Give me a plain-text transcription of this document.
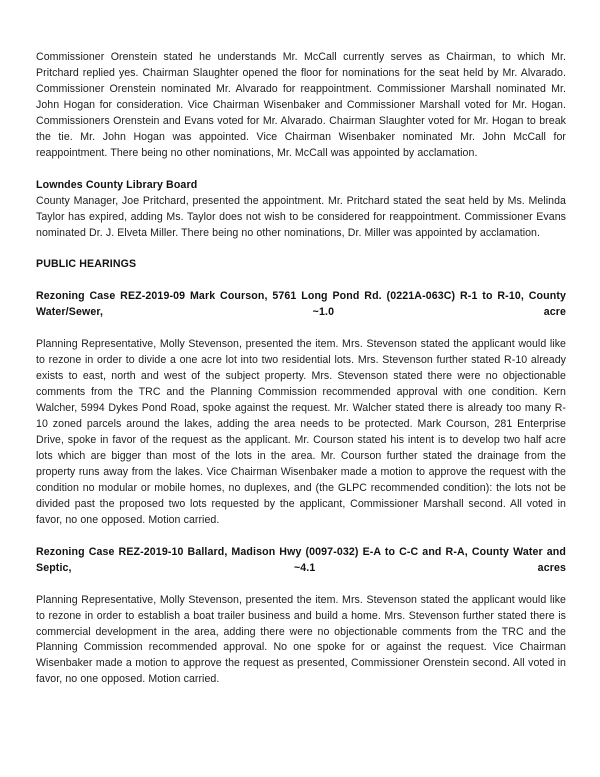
Commissioner Orenstein stated he understands Mr. McCall currently serves as Chairman, to which Mr. Pritchard replied yes. Chairman Slaughter opened the floor for nominations for the seat held by Mr. Alvarado. Commissioner Orenstein nominated Mr. Alvarado for reappointment. Commissioner Marshall nominated Mr. John Hogan for consideration. Vice Chairman Wisenbaker and Commissioner Marshall voted for Mr. Hogan. Commissioners Orenstein and Evans voted for Mr. Alvarado. Chairman Slaughter voted for Mr. Hogan to break the tie. Mr. John Hogan was appointed. Vice Chairman Wisenbaker nominated Mr. John McCall for reappointment. There being no other nominations, Mr. McCall was appointed by acclamation.

Lowndes County Library Board

County Manager, Joe Pritchard, presented the appointment. Mr. Pritchard stated the seat held by Ms. Melinda Taylor has expired, adding Ms. Taylor does not wish to be considered for reappointment. Commissioner Evans nominated Dr. J. Elveta Miller. There being no other nominations, Dr. Miller was appointed by acclamation.

PUBLIC HEARINGS
Rezoning Case REZ-2019-09 Mark Courson, 5761 Long Pond Rd. (0221A-063C) R-1 to R-10, County Water/Sewer, ~1.0 acre

Planning Representative, Molly Stevenson, presented the item. Mrs. Stevenson stated the applicant would like to rezone in order to divide a one acre lot into two residential lots. Mrs. Stevenson further stated R-10 already exists to east, north and west of the subject property. Mrs. Stevenson stated there were no objectionable comments from the TRC and the Planning Commission recommended approval with one condition. Kern Walcher, 5994 Dykes Pond Road, spoke against the request. Mr. Walcher stated there is already too many R-10 zoned parcels around the lakes, adding the area needs to be protected. Mark Courson, 281 Enterprise Drive, spoke in favor of the request as the applicant. Mr. Courson stated his intent is to develop two half acre lots which are bigger than most of the lots in the area. Mr. Courson further stated the drainage from the property runs away from the lakes. Vice Chairman Wisenbaker made a motion to approve the request with the condition no modular or mobile homes, no duplexes, and (the GLPC recommended condition): the lots not be divided past the proposed two lots requested by the applicant, Commissioner Marshall second. All voted in favor, no one opposed. Motion carried.

Rezoning Case REZ-2019-10 Ballard, Madison Hwy (0097-032) E-A to C-C and R-A, County Water and Septic, ~4.1 acres

Planning Representative, Molly Stevenson, presented the item. Mrs. Stevenson stated the applicant would like to rezone in order to establish a boat trailer business and build a home. Mrs. Stevenson further stated there is commercial development in the area, adding there were no objectionable comments from the TRC and the Planning Commission recommended approval. No one spoke for or against the request. Vice Chairman Wisenbaker made a motion to approve the request as presented, Commissioner Orenstein second. All voted in favor, no one opposed. Motion carried.
